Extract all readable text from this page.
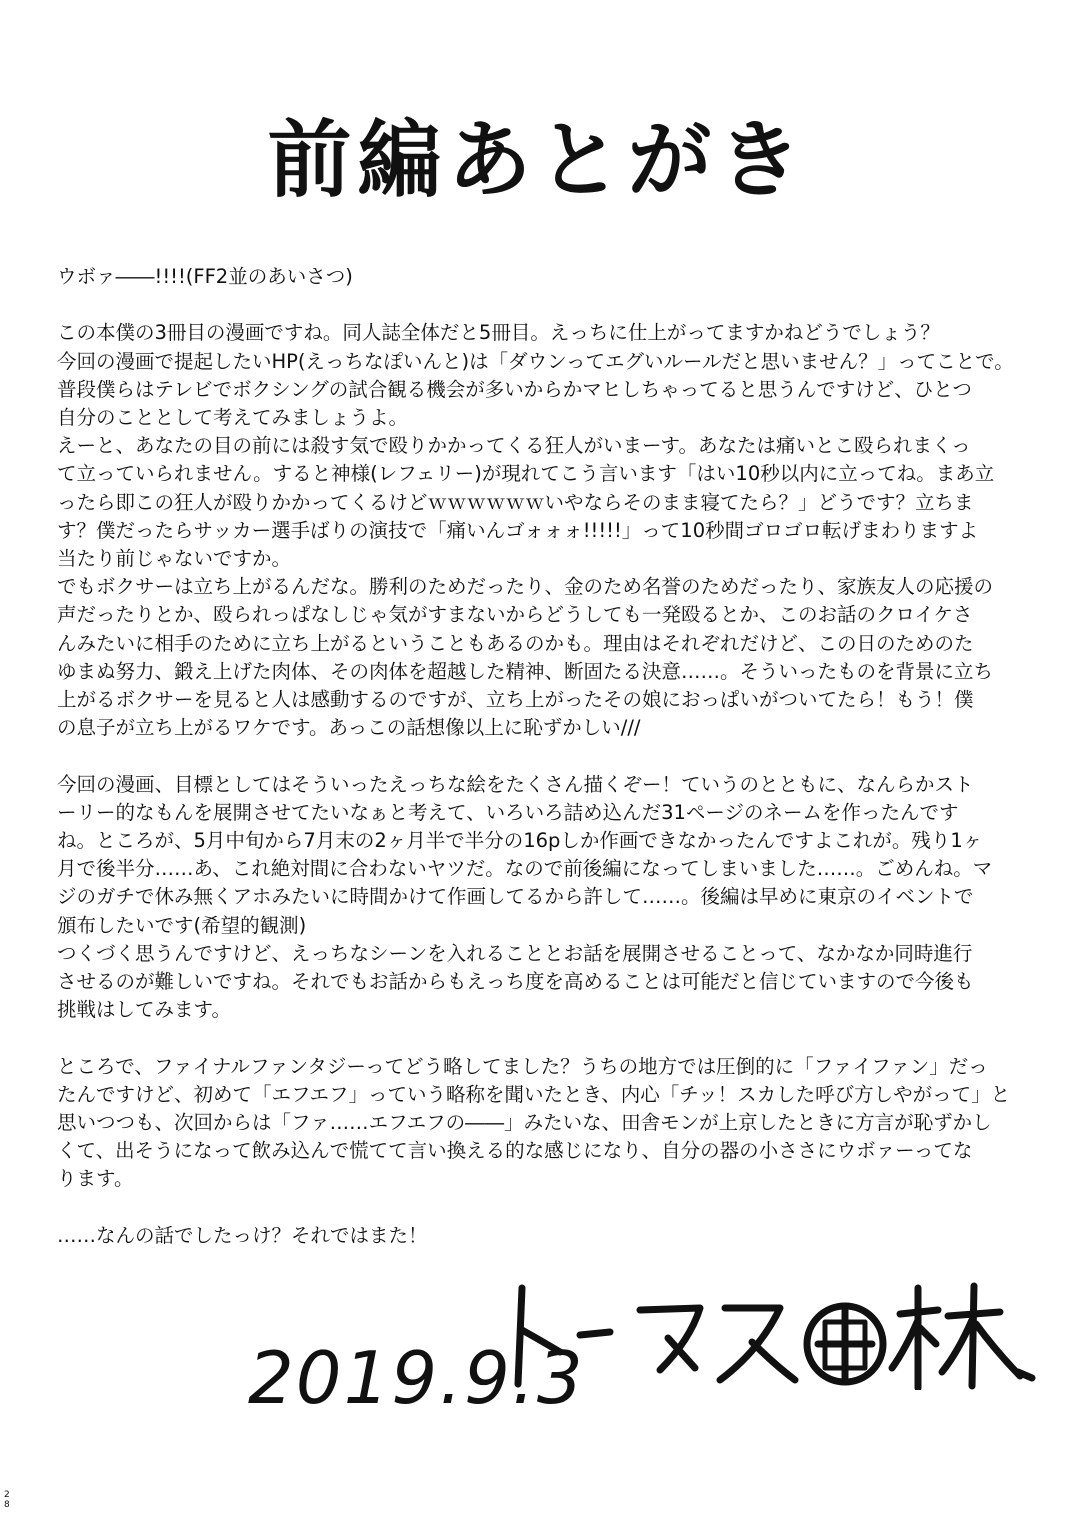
前編あとがき

ウボァ――!!!!(FF2並のあいさつ)

この本僕の3冊目の漫画ですね。同人誌全体だと5冊目。えっちに仕上がってますかねどうでしょう？

今回の漫画で提起したいHP(えっちなぽいんと)は「ダウンってエグいルールだと思いません？」ってことで。

普段僕らはテレビでボクシングの試合観る機会が多いからかマヒしちゃってると思うんですけど、ひとつ

自分のこととして考えてみましょうよ。

えーと、あなたの目の前には殺す気で殴りかかってくる狂人がいまーす。あなたは痛いとこ殴られまくっ

て立っていられません。すると神様(レフェリー)が現れてこう言います「はい10秒以内に立ってね。まあ立

ったら即この狂人が殴りかかってくるけどｗｗｗｗｗｗいやならそのまま寝てたら？」どうです？立ちま

す？僕だったらサッカー選手ばりの演技で「痛いんゴォォォ!!!!!」って10秒間ゴロゴロ転げまわりますよ

当たり前じゃないですか。

でもボクサーは立ち上がるんだな。勝利のためだったり、金のため名誉のためだったり、家族友人の応援の

声だったりとか、殴られっぱなしじゃ気がすまないからどうしても一発殴るとか、このお話のクロイケさ

んみたいに相手のために立ち上がるということもあるのかも。理由はそれぞれだけど、この日のためのた

ゆまぬ努力、鍛え上げた肉体、その肉体を超越した精神、断固たる決意……。そういったものを背景に立ち

上がるボクサーを見ると人は感動するのですが、立ち上がったその娘におっぱいがついてたら！もう！僕

の息子が立ち上がるワケです。あっこの話想像以上に恥ずかしい///

今回の漫画、目標としてはそういったえっちな絵をたくさん描くぞー！ていうのとともに、なんらかスト

ーリー的なもんを展開させてたいなぁと考えて、いろいろ詰め込んだ31ページのネームを作ったんです

ね。ところが、5月中旬から7月末の2ヶ月半で半分の16pしか作画できなかったんですよこれが。残り1ヶ

月で後半分……あ、これ絶対間に合わないヤツだ。なので前後編になってしまいました……。ごめんね。マ

ジのガチで休み無くアホみたいに時間かけて作画してるから許して……。後編は早めに東京のイベントで

頒布したいです(希望的観測)

つくづく思うんですけど、えっちなシーンを入れることとお話を展開させることって、なかなか同時進行

させるのが難しいですね。それでもお話からもえっち度を高めることは可能だと信じていますので今後も

挑戦はしてみます。

ところで、ファイナルファンタジーってどう略してました？うちの地方では圧倒的に「ファイファン」だっ

たんですけど、初めて「エフエフ」っていう略称を聞いたとき、内心「チッ！スカした呼び方しやがって」と

思いつつも、次回からは「ファ……エフエフの――」みたいな、田舎モンが上京したときに方言が恥ずかし

くて、出そうになって飲み込んで慌てて言い換える的な感じになり、自分の器の小ささにウボァーってな

ります。

……なんの話でしたっけ？それではまた！

2019.9.3
28
